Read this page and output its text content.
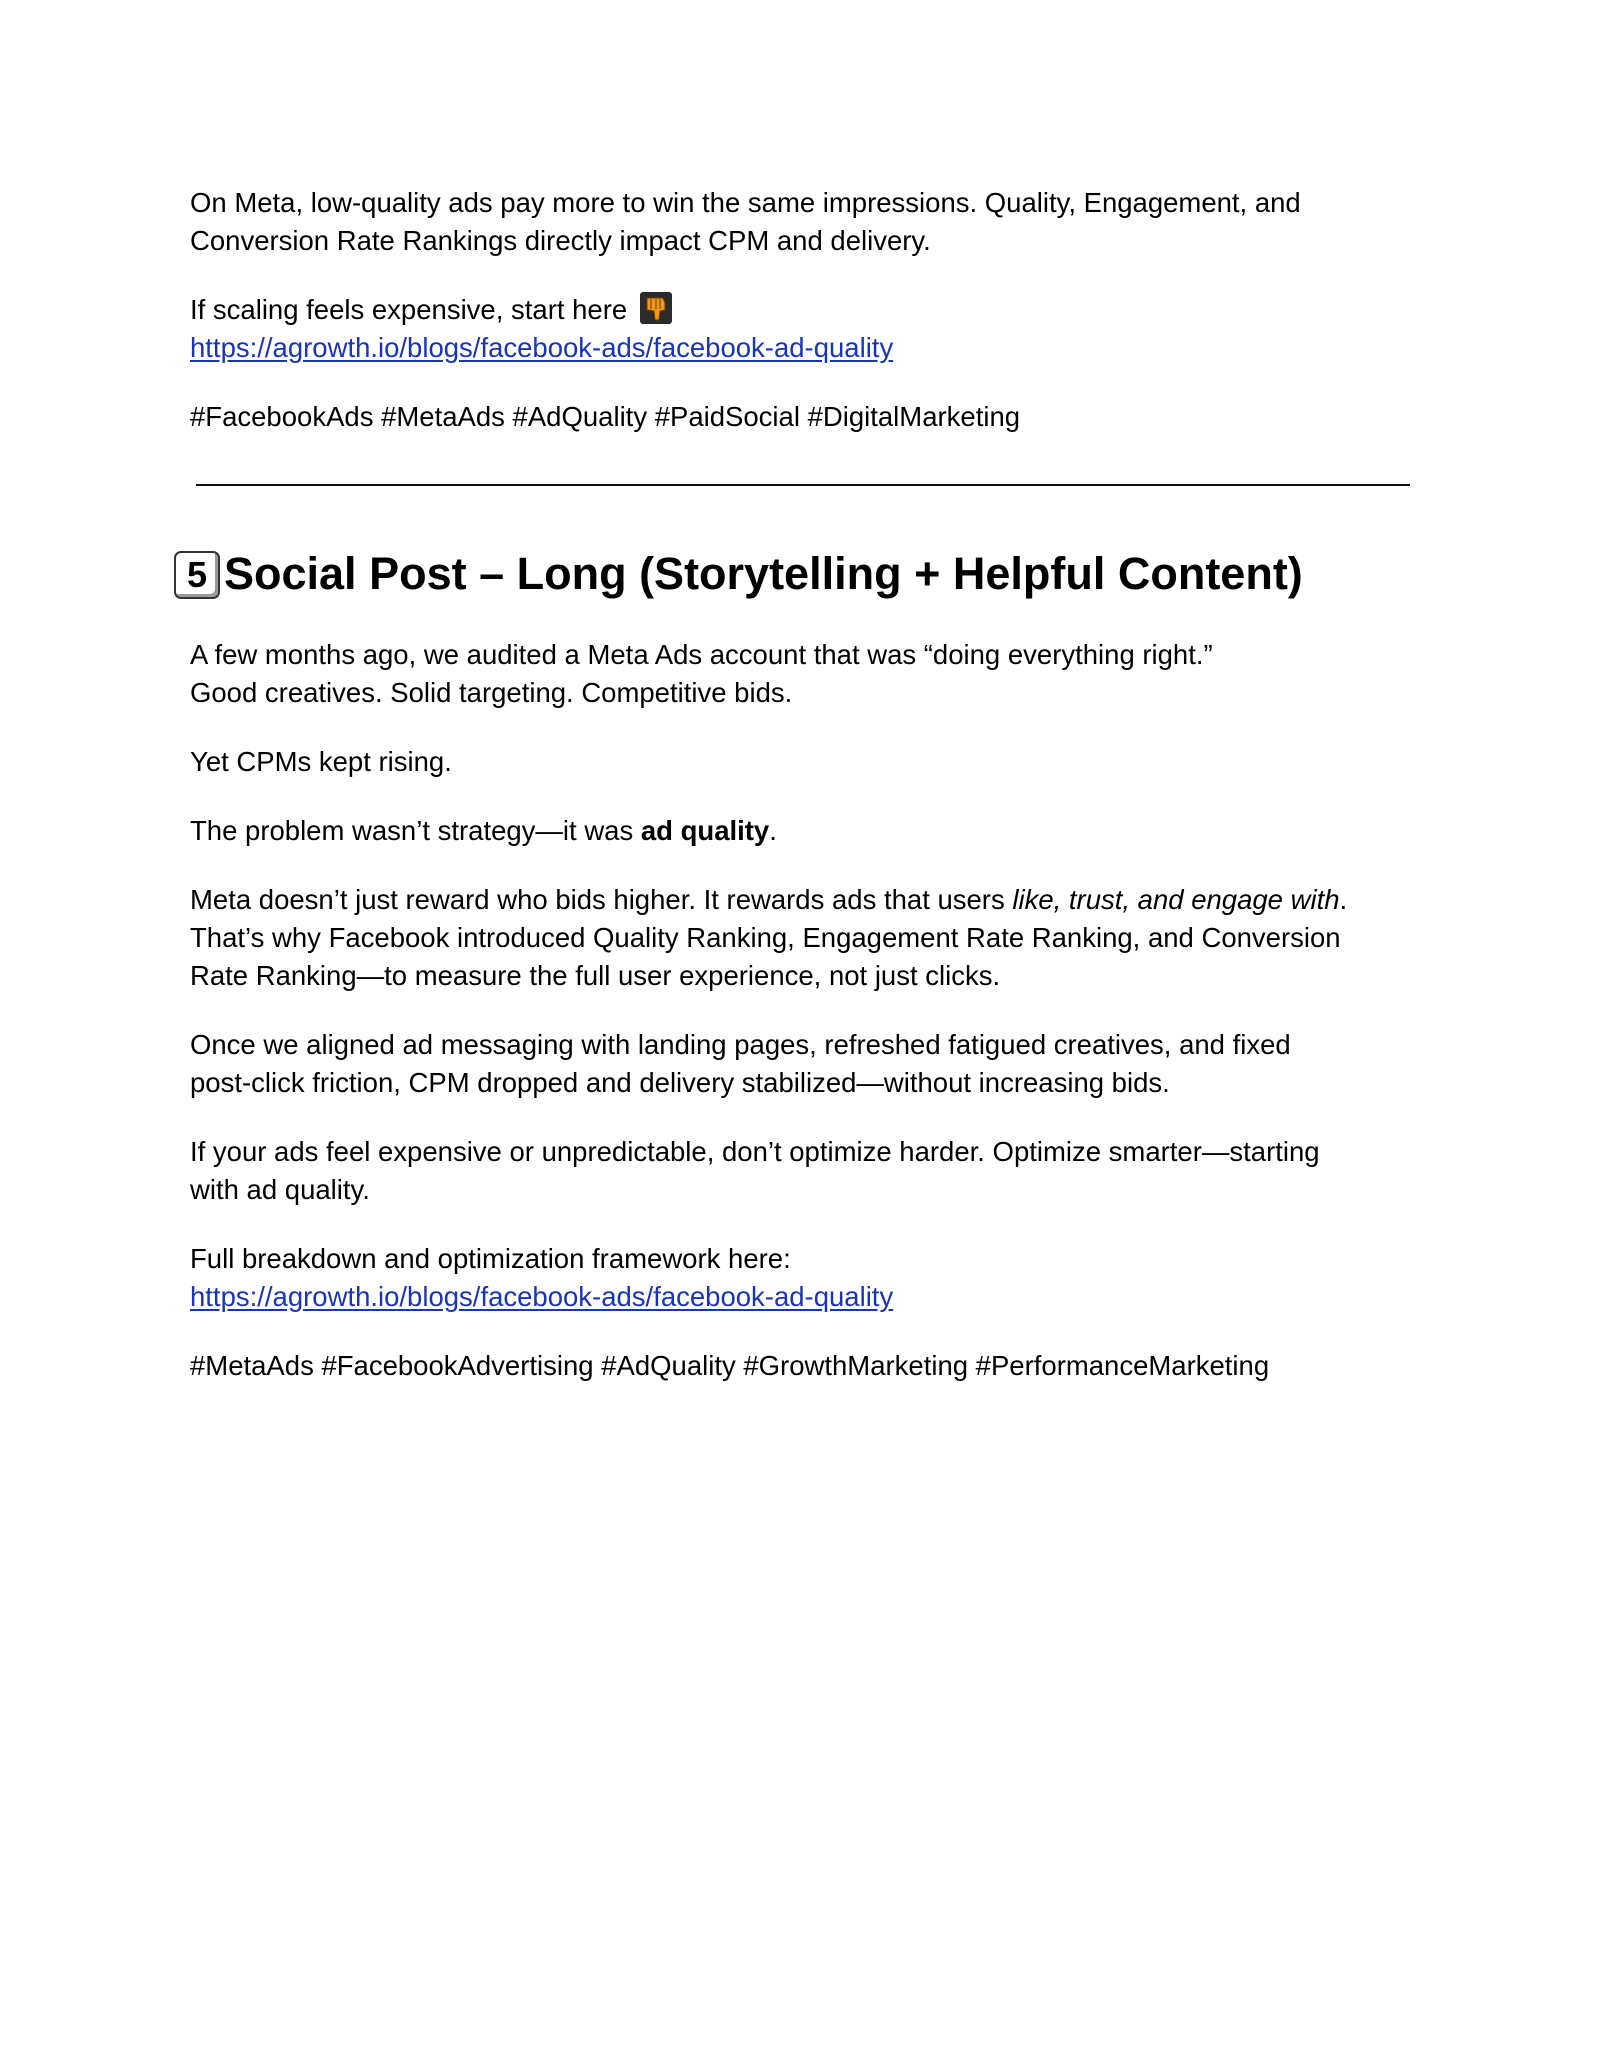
On Meta, low-quality ads pay more to win the same impressions. Quality, Engagement, and
Conversion Rate Rankings directly impact CPM and delivery.

If scaling feels expensive, start here
https://agrowth.io/blogs/facebook-ads/facebook-ad-quality

#FacebookAds #MetaAds #AdQuality #PaidSocial #DigitalMarketing

5 Social Post – Long (Storytelling + Helpful Content)

A few months ago, we audited a Meta Ads account that was “doing everything right.”
Good creatives. Solid targeting. Competitive bids.

Yet CPMs kept rising.

The problem wasn’t strategy—it was ad quality.

Meta doesn’t just reward who bids higher. It rewards ads that users like, trust, and engage with.
That’s why Facebook introduced Quality Ranking, Engagement Rate Ranking, and Conversion
Rate Ranking—to measure the full user experience, not just clicks.

Once we aligned ad messaging with landing pages, refreshed fatigued creatives, and fixed
post-click friction, CPM dropped and delivery stabilized—without increasing bids.

If your ads feel expensive or unpredictable, don’t optimize harder. Optimize smarter—starting
with ad quality.

Full breakdown and optimization framework here:
https://agrowth.io/blogs/facebook-ads/facebook-ad-quality

#MetaAds #FacebookAdvertising #AdQuality #GrowthMarketing #PerformanceMarketing
